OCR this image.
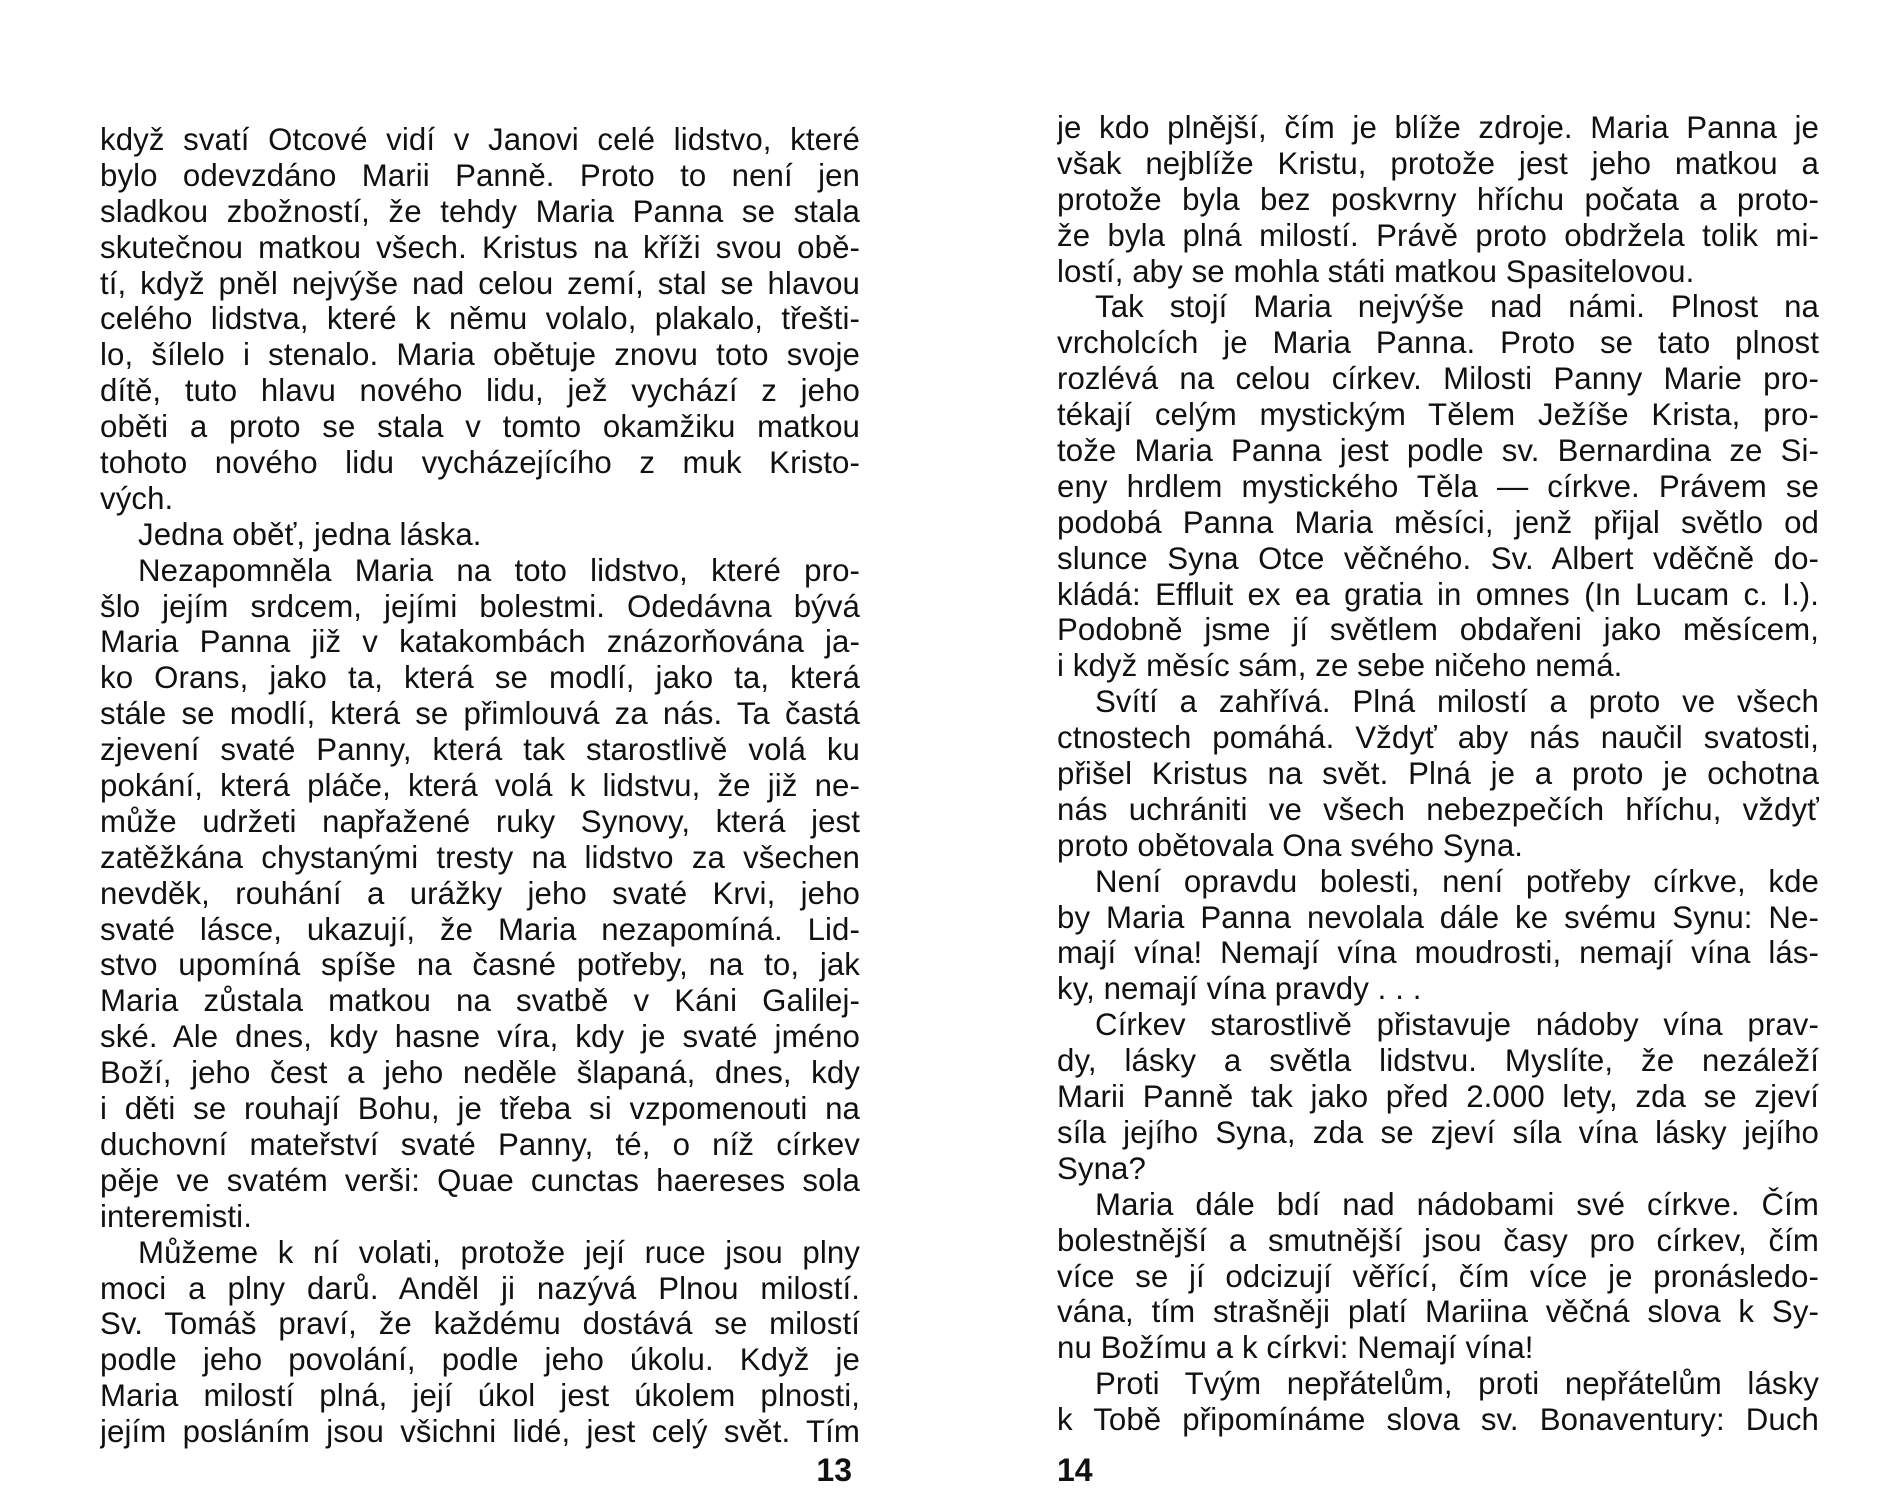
když svatí Otcové vidí v Janovi celé lidstvo, které
bylo odevzdáno Marii Panně. Proto to není jen
sladkou zbožností, že tehdy Maria Panna se stala
skutečnou matkou všech. Kristus na kříži svou obě-
tí, když pněl nejvýše nad celou zemí, stal se hlavou
celého lidstva, které k němu volalo, plakalo, třešti-
lo, šílelo i stenalo. Maria obětuje znovu toto svoje
dítě, tuto hlavu nového lidu, jež vychází z jeho
oběti a proto se stala v tomto okamžiku matkou
tohoto nového lidu vycházejícího z muk Kristo-
vých.
Jedna oběť, jedna láska.
Nezapomněla Maria na toto lidstvo, které pro-
šlo jejím srdcem, jejími bolestmi. Odedávna bývá
Maria Panna již v katakombách znázorňována ja-
ko Orans, jako ta, která se modlí, jako ta, která
stále se modlí, která se přimlouvá za nás. Ta častá
zjevení svaté Panny, která tak starostlivě volá ku
pokání, která pláče, která volá k lidstvu, že již ne-
může udržeti napřažené ruky Synovy, která jest
zatěžkána chystanými tresty na lidstvo za všechen
nevděk, rouhání a urážky jeho svaté Krvi, jeho
svaté lásce, ukazují, že Maria nezapomíná. Lid-
stvo upomíná spíše na časné potřeby, na to, jak
Maria zůstala matkou na svatbě v Káni Galilej-
ské. Ale dnes, kdy hasne víra, kdy je svaté jméno
Boží, jeho čest a jeho neděle šlapaná, dnes, kdy
i děti se rouhají Bohu, je třeba si vzpomenouti na
duchovní mateřství svaté Panny, té, o níž církev
pěje ve svatém verši: Quae cunctas haereses sola
interemisti.
Můžeme k ní volati, protože její ruce jsou plny
moci a plny darů. Anděl ji nazývá Plnou milostí.
Sv. Tomáš praví, že každému dostává se milostí
podle jeho povolání, podle jeho úkolu. Když je
Maria milostí plná, její úkol jest úkolem plnosti,
jejím posláním jsou všichni lidé, jest celý svět. Tím
13
je kdo plnější, čím je blíže zdroje. Maria Panna je
však nejblíže Kristu, protože jest jeho matkou a
protože byla bez poskvrny hříchu počata a proto-
že byla plná milostí. Právě proto obdržela tolik mi-
lostí, aby se mohla státi matkou Spasitelovou.
Tak stojí Maria nejvýše nad námi. Plnost na
vrcholcích je Maria Panna. Proto se tato plnost
rozlévá na celou církev. Milosti Panny Marie pro-
tékají celým mystickým Tělem Ježíše Krista, pro-
tože Maria Panna jest podle sv. Bernardina ze Si-
eny hrdlem mystického Těla — církve. Právem se
podobá Panna Maria měsíci, jenž přijal světlo od
slunce Syna Otce věčného. Sv. Albert vděčně do-
kládá: Effluit ex ea gratia in omnes (In Lucam c. I.).
Podobně jsme jí světlem obdařeni jako měsícem,
i když měsíc sám, ze sebe ničeho nemá.
Svítí a zahřívá. Plná milostí a proto ve všech
ctnostech pomáhá. Vždyť aby nás naučil svatosti,
přišel Kristus na svět. Plná je a proto je ochotna
nás uchrániti ve všech nebezpečích hříchu, vždyť
proto obětovala Ona svého Syna.
Není opravdu bolesti, není potřeby církve, kde
by Maria Panna nevolala dále ke svému Synu: Ne-
mají vína! Nemají vína moudrosti, nemají vína lás-
ky, nemají vína pravdy . . .
Církev starostlivě přistavuje nádoby vína prav-
dy, lásky a světla lidstvu. Myslíte, že nezáleží
Marii Panně tak jako před 2.000 lety, zda se zjeví
síla jejího Syna, zda se zjeví síla vína lásky jejího
Syna?
Maria dále bdí nad nádobami své církve. Čím
bolestnější a smutnější jsou časy pro církev, čím
více se jí odcizují věřící, čím více je pronásledo-
vána, tím strašněji platí Mariina věčná slova k Sy-
nu Božímu a k církvi: Nemají vína!
Proti Tvým nepřátelům, proti nepřátelům lásky
k Tobě připomínáme slova sv. Bonaventury: Duch
14
